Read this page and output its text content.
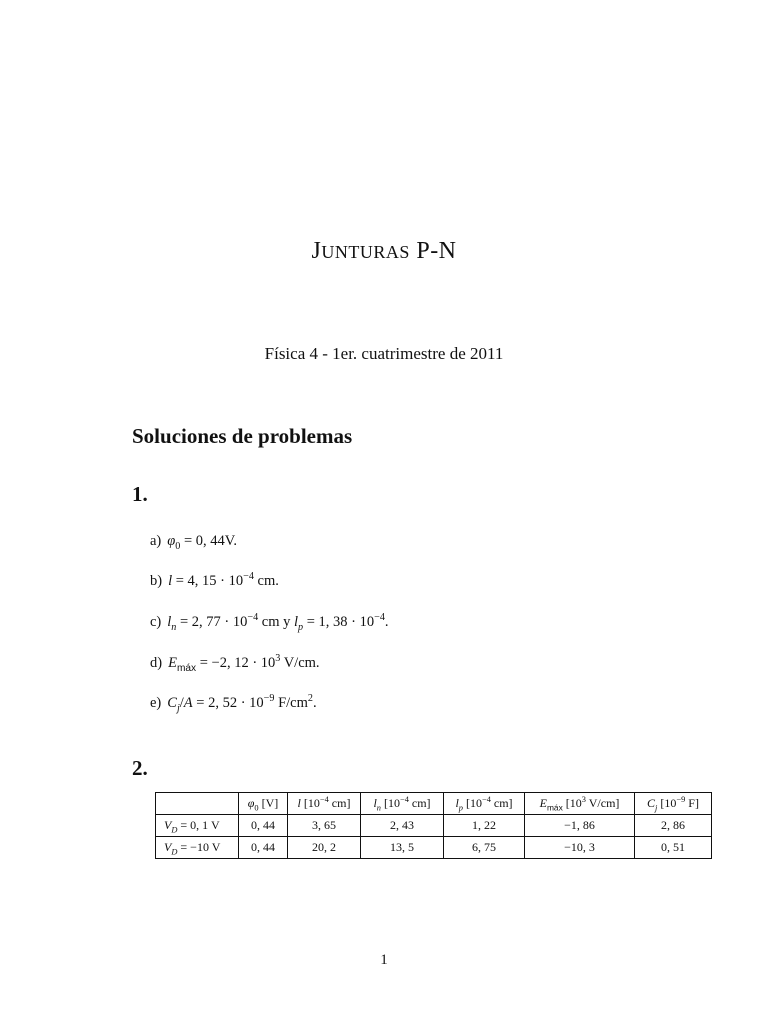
JUNTURAS P-N
Física 4 - 1er. cuatrimestre de 2011
Soluciones de problemas
1.
a) $\varphi_0 = 0$, 44V.
b) l = 4, $15 \cdot 10^{-4}$ cm.
c) $l_n = 2$, $77 \cdot 10^{-4}$ cm y $l_p = 1$, $38 \cdot 10^{-4}$.
d) $E_{máx} = -2$, $12 \cdot 10^3$ V/cm.
e) $C_j/A = 2$, $52 \cdot 10^{-9}$ $F/cm^2$.
2.
	$\varphi_0$ [V]	l [$10^{-4}$ cm]	$l_n$ [$10^{-4}$ cm]	$l_p$ [$10^{-4}$ cm]	$E_{máx}$ [$10^3$ V/cm]	$C_j$ [$10^{-9}$ F]
$V_D = 0$, 1 V	0, 44	3, 65	2, 43	1, 22	−1, 86	2, 86
$V_D = -10$ V	0, 44	20, 2	13, 5	6, 75	−10, 3	0, 51
1
